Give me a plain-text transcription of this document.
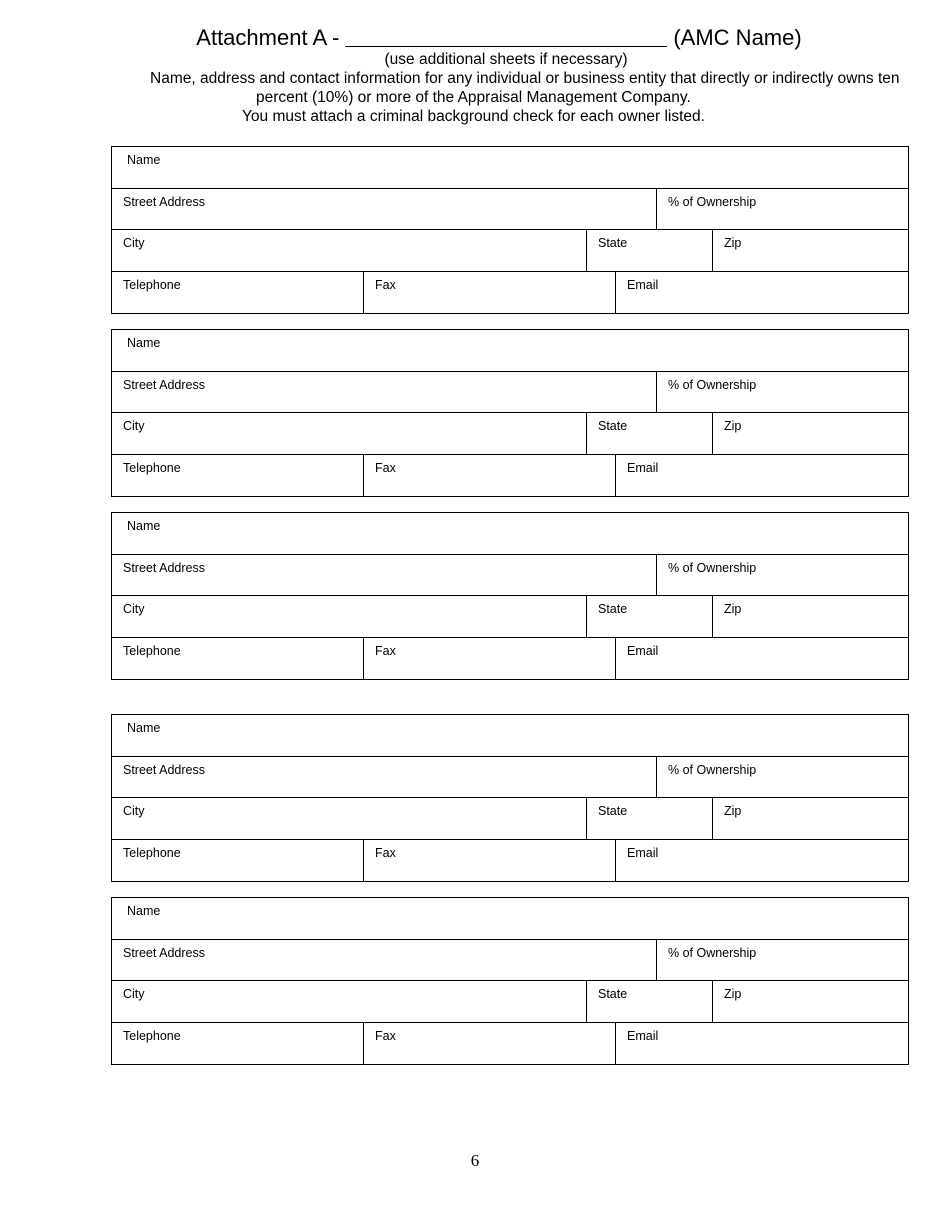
Attachment A -	(AMC Name)
(use additional sheets if necessary)
Name, address and contact information for any individual or business entity that directly or indirectly owns ten
percent (10%) or more of the Appraisal Management Company.
You must attach a criminal background check for each owner listed.
Name
Street Address	% of Ownership
City	State	Zip
Telephone	Fax	Email
Name
Street Address	% of Ownership
City	State	Zip
Telephone	Fax	Email
Name
Street Address	% of Ownership
City	State	Zip
Telephone	Fax	Email
Name
Street Address	% of Ownership
City	State	Zip
Telephone	Fax	Email
Name
Street Address	% of Ownership
City	State	Zip
Telephone	Fax	Email
6
